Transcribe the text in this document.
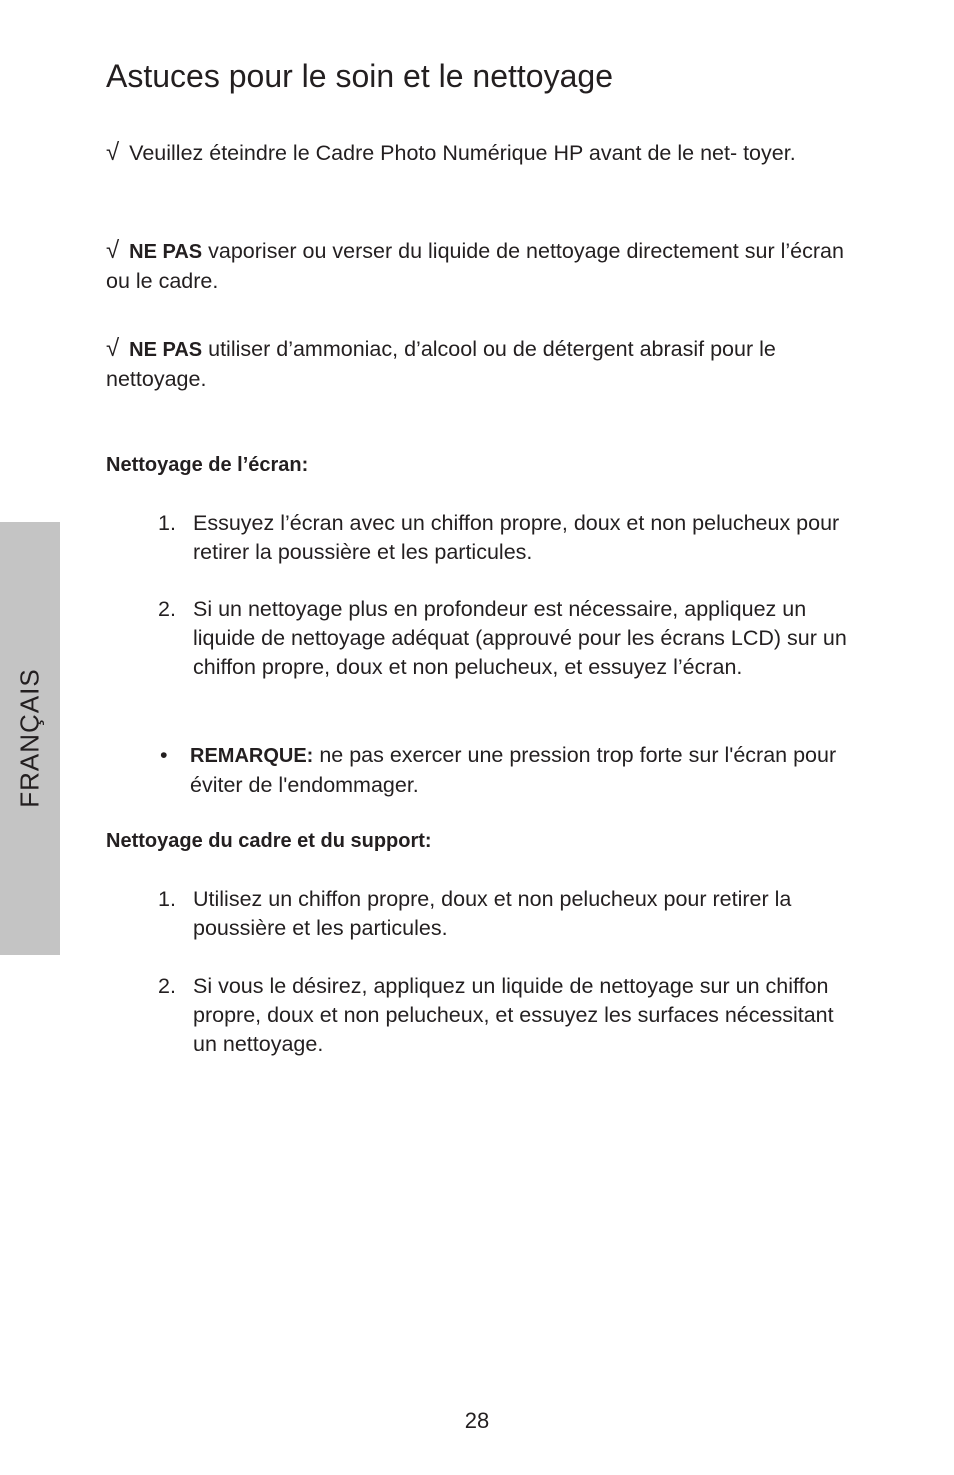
FRANÇAIS
Astuces pour le soin et le nettoyage

√ Veuillez éteindre le Cadre Photo Numérique HP avant de le net- toyer.

√ NE PAS vaporiser ou verser du liquide de nettoyage directement sur l’écran ou le cadre.

√ NE PAS utiliser d’ammoniac, d’alcool ou de détergent abrasif pour le nettoyage.

Nettoyage de l’écran:
1. Essuyez l’écran avec un chiffon propre, doux et non pelucheux pour retirer la poussière et les particules.
2. Si un nettoyage plus en profondeur est nécessaire, appliquez un liquide de nettoyage adéquat (approuvé pour les écrans LCD) sur un chiffon propre, doux et non pelucheux, et essuyez l’écran.
• REMARQUE: ne pas exercer une pression trop forte sur l'écran pour éviter de l'endommager.
Nettoyage du cadre et du support:
1. Utilisez un chiffon propre, doux et non pelucheux pour retirer la poussière et les particules.
2. Si vous le désirez, appliquez un liquide de nettoyage sur un chiffon propre, doux et non pelucheux, et essuyez les surfaces nécessitant un nettoyage.
28
